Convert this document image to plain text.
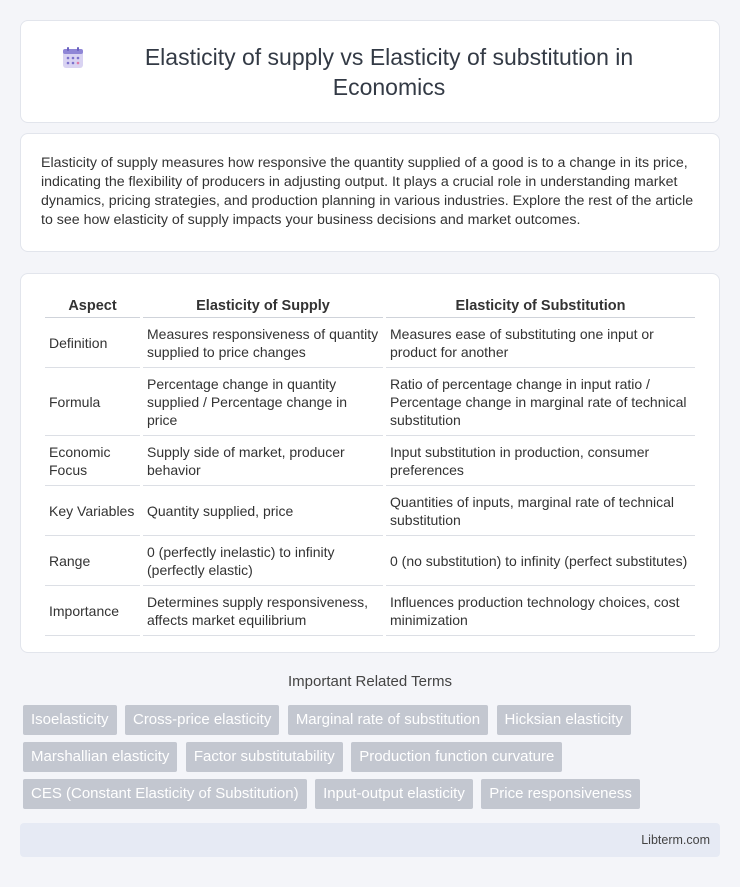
Elasticity of supply vs Elasticity of substitution in Economics

Elasticity of supply measures how responsive the quantity supplied of a good is to a change in its price, indicating the flexibility of producers in adjusting output. It plays a crucial role in understanding market dynamics, pricing strategies, and production planning in various industries. Explore the rest of the article to see how elasticity of supply impacts your business decisions and market outcomes.

Aspect	Elasticity of Supply	Elasticity of Substitution
Definition	Measures responsiveness of quantity supplied to price changes	Measures ease of substituting one input or product for another
Formula	Percentage change in quantity supplied / Percentage change in price	Ratio of percentage change in input ratio / Percentage change in marginal rate of technical substitution
Economic Focus	Supply side of market, producer behavior	Input substitution in production, consumer preferences
Key Variables	Quantity supplied, price	Quantities of inputs, marginal rate of technical substitution
Range	0 (perfectly inelastic) to infinity (perfectly elastic)	0 (no substitution) to infinity (perfect substitutes)
Importance	Determines supply responsiveness, affects market equilibrium	Influences production technology choices, cost minimization
Important Related Terms
Isoelasticity Cross-price elasticity Marginal rate of substitution Hicksian elasticity Marshallian elasticity Factor substitutability Production function curvature CES (Constant Elasticity of Substitution) Input-output elasticity Price responsiveness
Libterm.com
